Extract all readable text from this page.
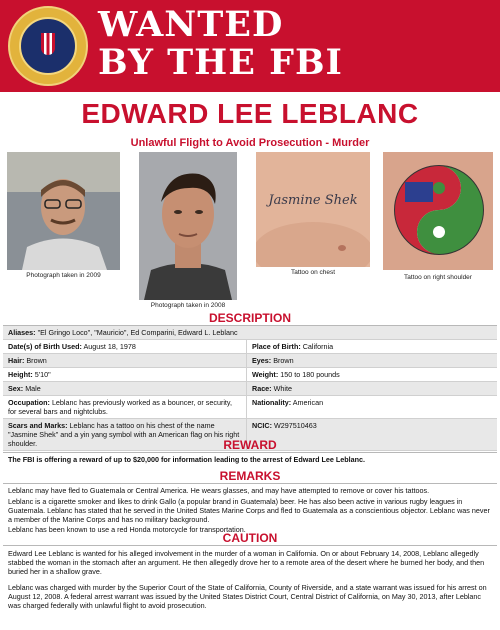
WANTED
BY THE FBI
EDWARD LEE LEBLANC
Unlawful Flight to Avoid Prosecution - Murder
Photograph taken in 2009
Photograph taken in 2008
Jasmine Shek
Tattoo on chest
Tattoo on right shoulder
DESCRIPTION
Aliases: "El Gringo Loco", "Mauricio", Ed Comparini, Edward L. Leblanc	
Date(s) of Birth Used: August 18, 1978	Place of Birth: California
Hair: Brown	Eyes: Brown
Height: 5'10"	Weight: 150 to 180 pounds
Sex: Male	Race: White
Occupation: Leblanc has previously worked as a bouncer, or security, for several bars and nightclubs.	Nationality: American
Scars and Marks: Leblanc has a tattoo on his chest of the name "Jasmine Shek" and a yin yang symbol with an American flag on his right shoulder.	NCIC: W297510463
REWARD
The FBI is offering a reward of up to $20,000 for information leading to the arrest of Edward Lee Leblanc.
REMARKS
Leblanc may have fled to Guatemala or Central America. He wears glasses, and may have attempted to remove or cover his tattoos.
Leblanc is a cigarette smoker and likes to drink Gallo (a popular brand in Guatemala) beer. He has also been active in various rugby leagues in Guatemala. Leblanc has stated that he served in the United States Marine Corps and fled to Guatemala as a conscientious objector. Leblanc was never a member of the Marine Corps and has no military background.
Leblanc has been known to use a red Honda motorcycle for transportation.
CAUTION
Edward Lee Leblanc is wanted for his alleged involvement in the murder of a woman in California. On or about February 14, 2008, Leblanc allegedly stabbed the woman in the stomach after an argument. He then allegedly drove her to a remote area of the desert where he burned her body, and then buried her in a shallow grave.
Leblanc was charged with murder by the Superior Court of the State of California, County of Riverside, and a state warrant was issued for his arrest on August 12, 2008. A federal arrest warrant was issued by the United States District Court, Central District of California, on May 30, 2013, after Leblanc was charged federally with unlawful flight to avoid prosecution.
